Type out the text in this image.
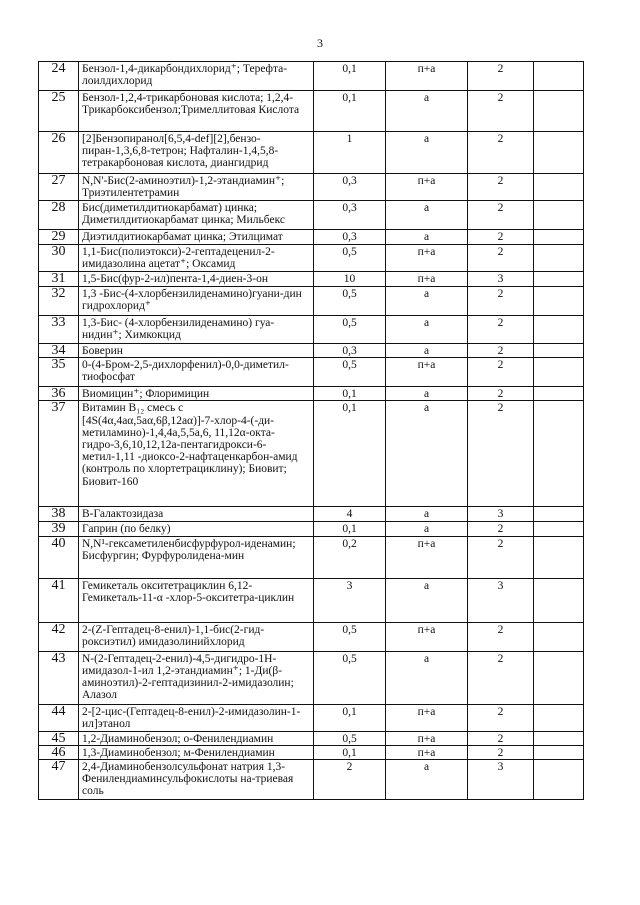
3
24	Бензол-1,4-дикарбондихлорид⁺; Терефта-лоилдихлорид	0,1	п+а	2	
25	Бензол-1,2,4-трикарбоновая кислота; 1,2,4-Трикарбоксибензол;Тримеллитовая Кислота	0,1	а	2	
26	[2]Бензопиранол[6,5,4-def][2],бензо-пиран-1,3,6,8-тетрон; Нафталин-1,4,5,8-тетракарбоновая кислота, диангидрид	1	а	2	
27	N,N'-Бис(2-аминоэтил)-1,2-этандиамин⁺; Триэтилентетрамин	0,3	п+а	2	
28	Бис(диметилдитиокарбамат) цинка; Диметилдитиокарбамат цинка; Мильбекс	0,3	а	2	
29	Диэтилдитиокарбамат цинка; Этилцимат	0,3	а	2	
30	1,1-Бис(полиэтокси)-2-гептадеценил-2-имидазолина ацетат⁺; Оксамид	0,5	п+а	2	
31	1,5-Бис(фур-2-ил)пента-1,4-диен-3-он	10	п+а	3	
32	1,3 -Бис-(4-хлорбензилиденамино)гуани-дин гидрохлорид⁺	0,5	а	2	
33	1,3-Бис- (4-хлорбензилиденамино) гуа-нидин⁺; Химкокцид	0,5	а	2	
34	Боверин	0,3	а	2	
35	0-(4-Бром-2,5-дихлорфенил)-0,0-диметил-тиофосфат	0,5	п+а	2	
36	Виомицин⁺; Флоримицин	0,1	а	2	
37	Витамин B₁₂ смесь с [4S(4α,4aα,5aα,6β,12aα)]-7-хлор-4-(-ди-метиламино)-1,4,4a,5,5a,6, 11,12α-окта-гидро-3,6,10,12,12a-пентагидрокси-6-метил-1,11 -диоксо-2-нафтаценкарбон-амид (контроль по хлортетрациклину); Биовит; Биовит-160	0,1	а	2	
38	В-Галактозидаза	4	а	3	
39	Гаприн (по белку)	0,1	а	2	
40	N,N¹-гексаметиленбисфурфурол-иденамин; Бисфургин; Фурфуролидена-мин	0,2	п+а	2	
41	Гемикеталь окситетрациклин 6,12-Гемикеталь-11-α -хлор-5-окситетра-циклин	3	а	3	
42	2-(Z-Гептадец-8-енил)-1,1-бис(2-гид-роксиэтил) имидазолинийхлорид	0,5	п+а	2	
43	N-(2-Гептадец-2-енил)-4,5-дигидро-1Н-имидазол-1-ил 1,2-этандиамин⁺; 1-Ди(β-аминоэтил)-2-гептадизинил-2-имидазолин; Алазол	0,5	а	2	
44	2-[2-цис-(Гептадец-8-енил)-2-имидазолин-1-ил]этанол	0,1	п+а	2	
45	1,2-Диаминобензол; о-Фенилендиамин	0,5	п+а	2	
46	1,3-Диаминобензол; м-Фенилендиамин	0,1	п+а	2	
47	2,4-Диаминобензолсульфонат натрия 1,3-Фенилендиаминсульфокислоты на-триевая соль	2	а	3	
